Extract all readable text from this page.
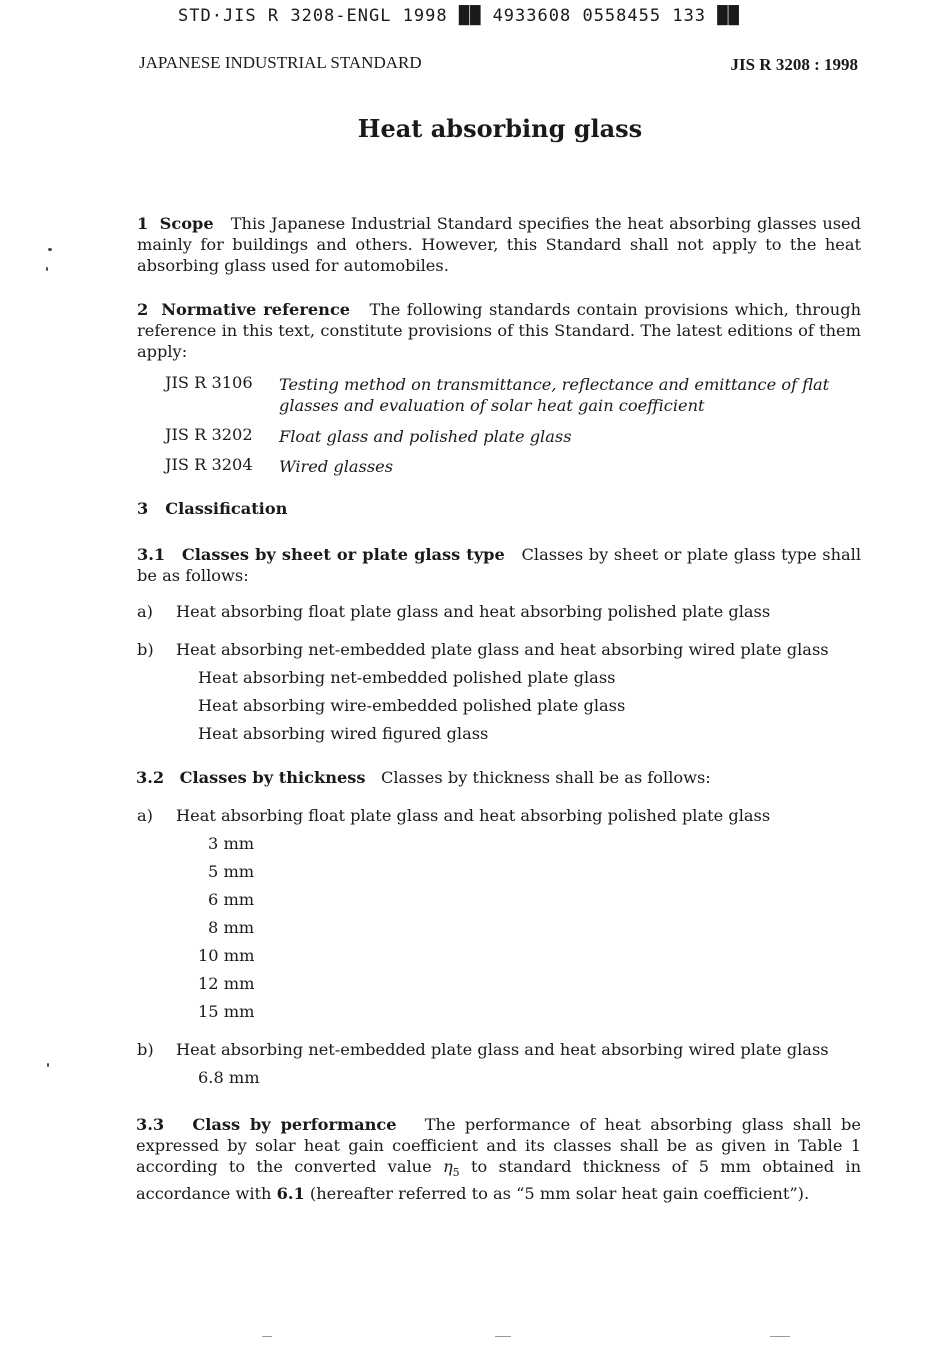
STD·JIS R 3208-ENGL 1998 ██ 4933608 0558455 133 ██
JAPANESE INDUSTRIAL STANDARD	JIS R 3208 : 1998
Heat absorbing glass
1 Scope This Japanese Industrial Standard specifies the heat absorbing glasses used mainly for buildings and others. However, this Standard shall not apply to the heat absorbing glass used for automobiles.
2 Normative reference The following standards contain provisions which, through reference in this text, constitute provisions of this Standard. The latest editions of them apply:
JIS R 3106 Testing method on transmittance, reflectance and emittance of flat glasses and evaluation of solar heat gain coefficient
JIS R 3202 Float glass and polished plate glass
JIS R 3204 Wired glasses
3 Classification
3.1 Classes by sheet or plate glass type Classes by sheet or plate glass type shall be as follows:
a) Heat absorbing float plate glass and heat absorbing polished plate glass
b) Heat absorbing net-embedded plate glass and heat absorbing wired plate glass
Heat absorbing net-embedded polished plate glass
Heat absorbing wire-embedded polished plate glass
Heat absorbing wired figured glass
3.2 Classes by thickness Classes by thickness shall be as follows:
a) Heat absorbing float plate glass and heat absorbing polished plate glass
3 mm
5 mm
6 mm
8 mm
10 mm
12 mm
15 mm
b) Heat absorbing net-embedded plate glass and heat absorbing wired plate glass
6.8 mm
3.3 Class by performance The performance of heat absorbing glass shall be expressed by solar heat gain coefficient and its classes shall be as given in Table 1 according to the converted value $\eta_5$ to standard thickness of 5 mm obtained in accordance with 6.1 (hereafter referred to as “5 mm solar heat gain coefficient”).
